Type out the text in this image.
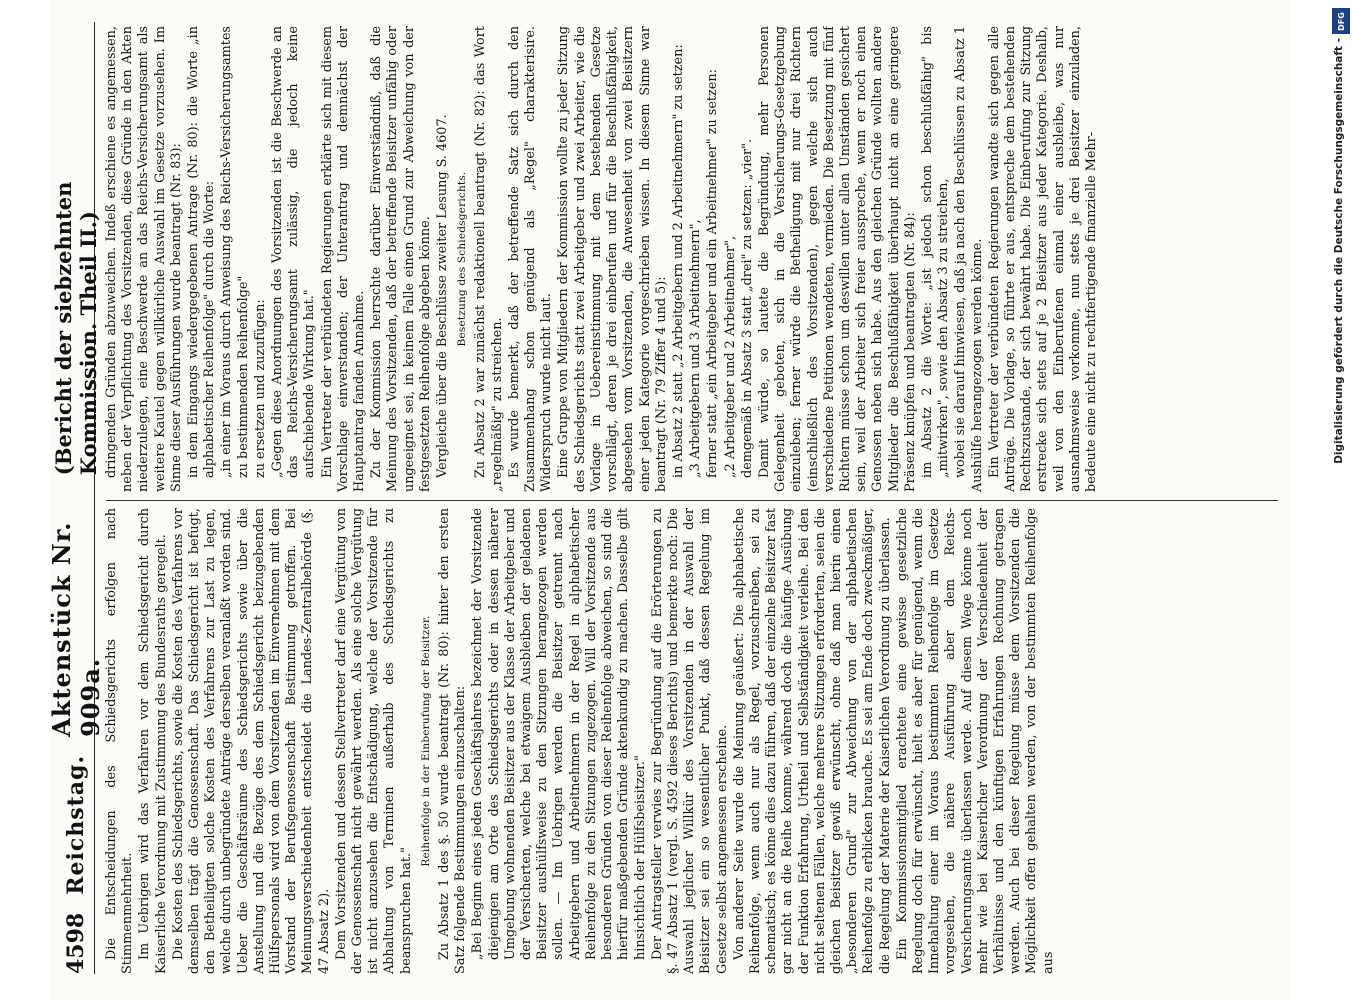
4598
Reichstag.
Aktenstück Nr. 909a.
(Bericht der siebzehnten Kommission. Theil II.)

Die Entscheidungen des Schiedsgerichts erfolgen nach Stimmenmehrheit. Im Uebrigen wird das Verfahren vor dem Schiedsgericht durch Kaiserliche Verordnung mit Zustimmung des Bundesraths geregelt. Die Kosten des Schiedsgerichts, sowie die Kosten des Verfahrens vor demselben trägt die Genossenschaft. Das Schiedsgericht ist befugt, den Betheiligten solche Kosten des Verfahrens zur Last zu legen, welche durch unbegründete Anträge derselben veranlaßt worden sind. Ueber die Geschäftsräume des Schiedsgerichts sowie über die Anstellung und die Bezüge des dem Schiedsgericht beizugebenden Hülfspersonals wird von dem Vorsitzenden im Einvernehmen mit dem Vorstand der Berufsgenossenschaft Bestimmung getroffen. Bei Meinungsverschiedenheit entscheidet die Landes-Zentralbehörde (§. 47 Absatz 2). Dem Vorsitzenden und dessen Stellvertreter darf eine Vergütung von der Genossenschaft nicht gewährt werden. Als eine solche Vergütung ist nicht anzusehen die Entschädigung, welche der Vorsitzende für Abhaltung von Terminen außerhalb des Schiedsgerichts zu beanspruchen hat."

Reihenfolge in der Einberufung der Beisitzer. Zu Absatz 1 des §. 50 wurde beantragt (Nr. 80): hinter den ersten Satz folgende Bestimmungen einzuschalten: „Bei Beginn eines jeden Geschäftsjahres bezeichnet der Vorsitzende diejenigen am Orte des Schiedsgerichts oder in dessen näherer Umgebung wohnenden Beisitzer aus der Klasse der Arbeitgeber und der Versicherten, welche bei etwaigem Ausbleiben der geladenen Beisitzer aushülfsweise zu den Sitzungen herangezogen werden sollen. — Im Uebrigen werden die Beisitzer getrennt nach Arbeitgebern und Arbeitnehmern in der Regel in alphabetischer Reihenfolge zu den Sitzungen zugezogen. Will der Vorsitzende aus besonderen Gründen von dieser Reihenfolge abweichen, so sind die hierfür maßgebenden Gründe aktenkundig zu machen. Dasselbe gilt hinsichtlich der Hülfsbeisitzer." Der Antragsteller verwies zur Begründung auf die Erörterungen zu §. 47 Absatz 1 (vergl. S. 4592 dieses Berichts) und bemerkte noch: Die Auswahl jeglicher Willkür des Vorsitzenden in der Auswahl der Beisitzer sei ein so wesentlicher Punkt, daß dessen Regelung im Gesetze selbst angemessen erscheine. Von anderer Seite wurde die Meinung geäußert: Die alphabetische Reihenfolge, wenn auch nur als Regel, vorzuschreiben, sei zu schematisch; es könne dies dazu führen, daß der einzelne Beisitzer fast gar nicht an die Reihe komme, während doch die häufige Ausübung der Funktion Erfahrung, Urtheil und Selbständigkeit verleihe. Bei den nicht seltenen Fällen, welche mehrere Sitzungen erforderten, seien die gleichen Beisitzer gewiß erwünscht, ohne daß man hierin einen „besonderen Grund" zur Abweichung von der alphabetischen Reihenfolge zu erblicken brauche. Es sei am Ende doch zweckmäßiger, die Regelung der Materie der Kaiserlichen Verordnung zu überlassen. Ein Kommissionsmitglied erachtete eine gewisse gesetzliche Regelung doch für erwünscht, hielt es aber für genügend, wenn die Innehaltung einer im Voraus bestimmten Reihenfolge im Gesetze vorgesehen, die nähere Ausführung aber dem Reichs-Versicherungsamte überlassen werde. Auf diesem Wege könne noch mehr wie bei Kaiserlicher Verordnung der Verschiedenheit der Verhältnisse und den künftigen Erfahrungen Rechnung getragen werden. Auch bei dieser Regelung müsse dem Vorsitzenden die Möglichkeit offen gehalten werden, von der bestimmten Reihenfolge aus

dringenden Gründen abzuweichen. Indeß erschiene es angemessen, neben der Verpflichtung des Vorsitzenden, diese Gründe in den Akten niederzulegen, eine Beschwerde an das Reichs-Versicherungsamt als weitere Kautel gegen willkürliche Auswahl im Gesetze vorzusehen. Im Sinne dieser Ausführungen wurde beantragt (Nr. 83): in dem Eingangs wiedergegebenen Antrage (Nr. 80): die Worte „in alphabetischer Reihenfolge" durch die Worte: „in einer im Voraus durch Anweisung des Reichs-Versicherungsamtes zu bestimmenden Reihenfolge" zu ersetzen und zuzufügen: „Gegen diese Anordnungen des Vorsitzenden ist die Beschwerde an das Reichs-Versicherungsamt zulässig, die jedoch keine aufschiebende Wirkung hat." Ein Vertreter der verbündeten Regierungen erklärte sich mit diesem Vorschlage einverstanden; der Unterantrag und demnächst der Hauptantrag fanden Annahme. Zu der Kommission herrschte darüber Einverständniß, daß die Meinung des Vorsitzenden, daß der betreffende Beisitzer unfähig oder ungeeignet sei, in keinem Falle einen Grund zur Abweichung von der festgesetzten Reihenfolge abgeben könne. Vergleiche über die Beschlüsse zweiter Lesung S. 4607. Besetzung des Schiedsgerichts. Zu Absatz 2 war zunächst redaktionell beantragt (Nr. 82): das Wort „regelmäßig" zu streichen. Es wurde bemerkt, daß der betreffende Satz sich durch den Zusammenhang schon genügend als „Regel" charakterisire. Widerspruch wurde nicht laut. Eine Gruppe von Mitgliedern der Kommission wollte zu jeder Sitzung des Schiedsgerichts statt zwei Arbeitgeber und zwei Arbeiter, wie die Vorlage in Uebereinstimmung mit dem bestehenden Gesetze vorschlägt, deren je drei einberufen und für die Beschlußfähigkeit, abgesehen vom Vorsitzenden, die Anwesenheit von zwei Beisitzern einer jeden Kategorie vorgeschrieben wissen. In diesem Sinne war beantragt (Nr. 79 Ziffer 4 und 5): in Absatz 2 statt „2 Arbeitgebern und 2 Arbeitnehmern" zu setzen: „3 Arbeitgebern und 3 Arbeitnehmern", ferner statt „ein Arbeitgeber und ein Arbeitnehmer" zu setzen: „2 Arbeitgeber und 2 Arbeitnehmer", demgemäß in Absatz 3 statt „drei" zu setzen: „vier". Damit würde, so lautete die Begründung, mehr Personen Gelegenheit geboten, sich in die Versicherungs-Gesetzgebung einzuleben; ferner würde die Betheiligung mit nur drei Richtern (einschließlich des Vorsitzenden), gegen welche sich auch verschiedene Petitionen wendeten, vermieden. Die Besetzung mit fünf Richtern müsse schon um deswillen unter allen Umständen gesichert sein, weil der Arbeiter sich freier ausspreche, wenn er noch einen Genossen neben sich habe. Aus den gleichen Gründe wollten andere Mitglieder die Beschlußfähigkeit überhaupt nicht an eine geringere Präsenz knüpfen und beantragten (Nr. 84): im Absatz 2 die Worte: „ist jedoch schon beschlußfähig" bis „mitwirken", sowie den Absatz 3 zu streichen, wobei sie darauf hinwiesen, daß ja nach den Beschlüssen zu Absatz 1 Aushülfe herangezogen werden könne. Ein Vertreter der verbündeten Regierungen wandte sich gegen alle Anträge. Die Vorlage, so führte er aus, entspreche dem bestehenden Rechtszustande, der sich bewährt habe. Die Einberufung zur Sitzung erstrecke sich stets auf je 2 Beisitzer aus jeder Kategorie. Deshalb, weil von den Einberufenen einmal einer ausbleibe, was nur ausnahmsweise vorkomme, nun stets je drei Beisitzer einzuladen, bedeute eine nicht zu rechtfertigende finanzielle Mehr-

DFG
Digitalisierung gefördert durch die Deutsche Forschungsgemeinschaft -
